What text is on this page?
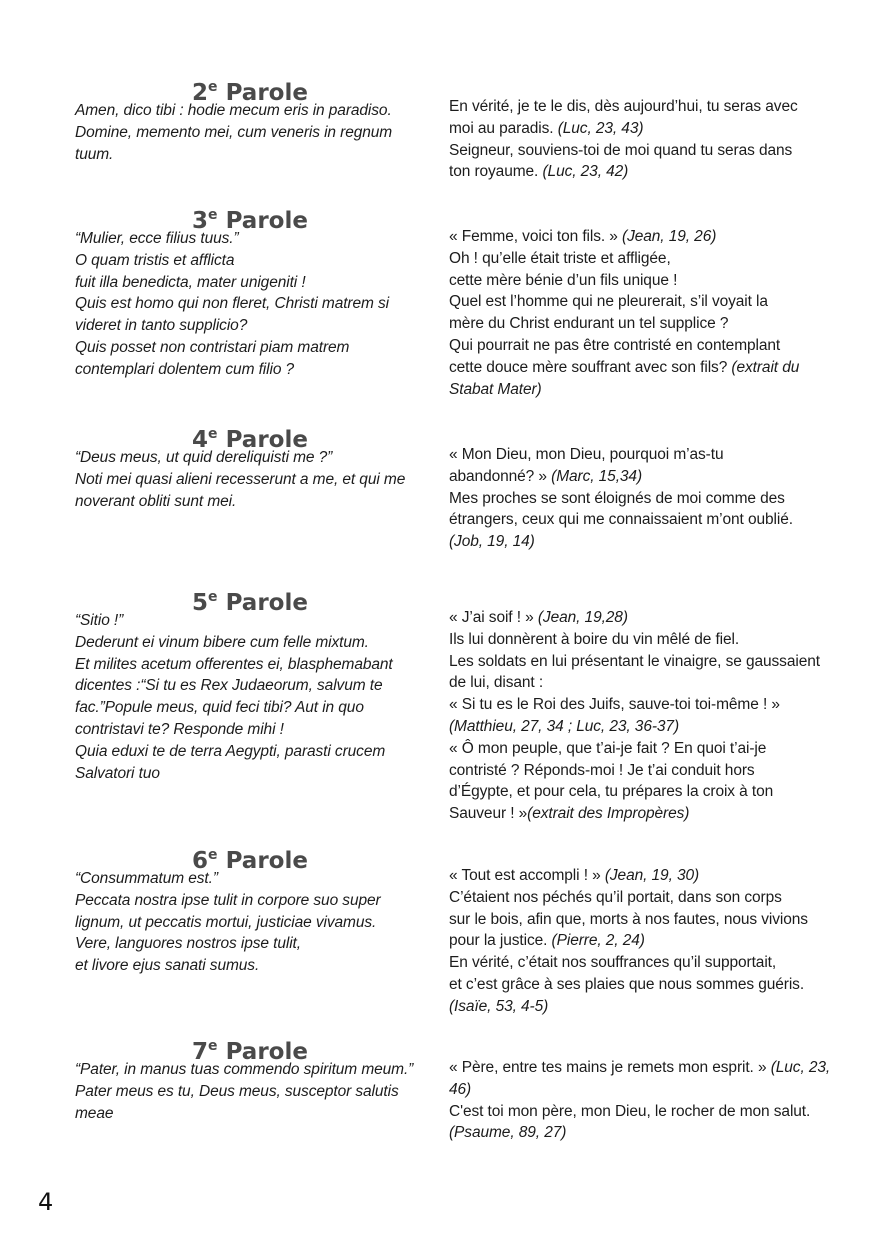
2e Parole
Amen, dico tibi : hodie mecum eris in paradiso.
Domine, memento mei, cum veneris in regnum
tuum.
En vérité, je te le dis, dès aujourd’hui, tu seras avec
moi au paradis. (Luc, 23, 43)
Seigneur, souviens-toi de moi quand tu seras dans
ton royaume. (Luc, 23, 42)
3e Parole
“Mulier, ecce filius tuus.”
O quam tristis et afflicta
fuit illa benedicta, mater unigeniti !
Quis est homo qui non fleret, Christi matrem si
videret in tanto supplicio?
Quis posset non contristari piam matrem
contemplari dolentem cum filio ?
« Femme, voici ton fils. » (Jean, 19, 26)
Oh ! qu’elle était triste et affligée,
cette mère bénie d’un fils unique !
Quel est l’homme qui ne pleurerait, s’il voyait la
mère du Christ endurant un tel supplice ?
Qui pourrait ne pas être contristé en contemplant
cette douce mère souffrant avec son fils? (extrait du
Stabat Mater)
4e Parole
“Deus meus, ut quid dereliquisti me ?”
Noti mei quasi alieni recesserunt a me, et qui me
noverant obliti sunt mei.
« Mon Dieu, mon Dieu, pourquoi m’as-tu
abandonné? » (Marc, 15,34)
Mes proches se sont éloignés de moi comme des
étrangers, ceux qui me connaissaient m’ont oublié.
(Job, 19, 14)
5e Parole
“Sitio !”
Dederunt ei vinum bibere cum felle mixtum.
Et milites acetum offerentes ei, blasphemabant
dicentes :“Si tu es Rex Judaeorum, salvum te
fac.”Popule meus, quid feci tibi? Aut in quo
contristavi te? Responde mihi !
Quia eduxi te de terra Aegypti, parasti crucem
Salvatori tuo
« J’ai soif ! » (Jean, 19,28)
Ils lui donnèrent à boire du vin mêlé de fiel.
Les soldats en lui présentant le vinaigre, se gaussaient
de lui, disant :
« Si tu es le Roi des Juifs, sauve-toi toi-même ! »
(Matthieu, 27, 34 ; Luc, 23, 36-37)
« Ô mon peuple, que t’ai-je fait ? En quoi t’ai-je
contristé ? Réponds-moi ! Je t’ai conduit hors
d’Égypte, et pour cela, tu prépares la croix à ton
Sauveur ! »(extrait des Impropères)
6e Parole
“Consummatum est.”
Peccata nostra ipse tulit in corpore suo super
lignum, ut peccatis mortui, justiciae vivamus.
Vere, languores nostros ipse tulit,
et livore ejus sanati sumus.
« Tout est accompli ! » (Jean, 19, 30)
C’étaient nos péchés qu’il portait, dans son corps
sur le bois, afin que, morts à nos fautes, nous vivions
pour la justice. (Pierre, 2, 24)
En vérité, c’était nos souffrances qu’il supportait,
et c’est grâce à ses plaies que nous sommes guéris.
(Isaïe, 53, 4-5)
7e Parole
“Pater, in manus tuas commendo spiritum meum.”
Pater meus es tu, Deus meus, susceptor salutis
meae
« Père, entre tes mains je remets mon esprit. » (Luc, 23,
46)
C'est toi mon père, mon Dieu, le rocher de mon salut.
(Psaume, 89, 27)
4
